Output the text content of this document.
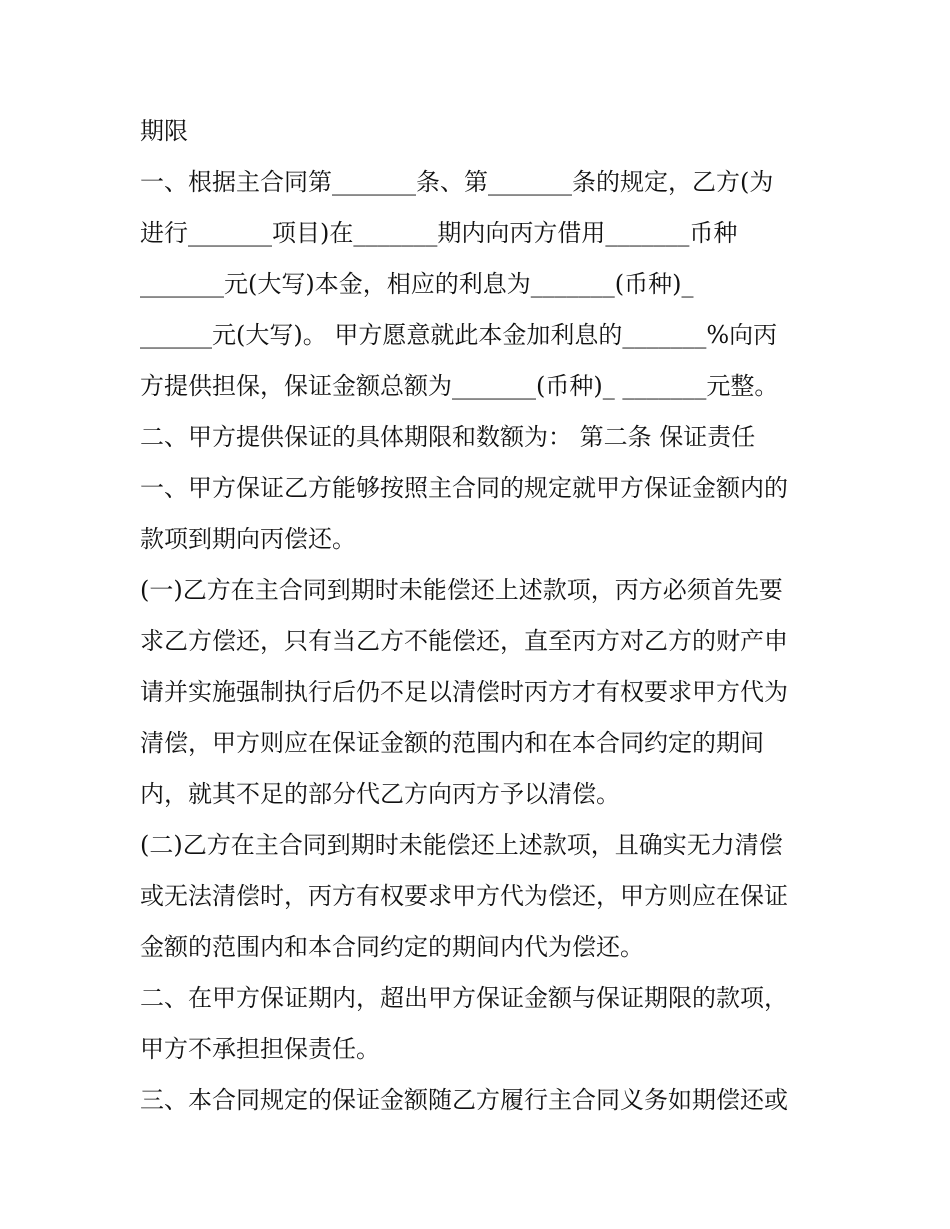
期限
一、根据主合同第_______条、第_______条的规定，乙方(为
进行_______项目)在_______期内向丙方借用_______币种
_______元(大写)本金，相应的利息为_______(币种)_
______元(大写)。 甲方愿意就此本金加利息的_______%向丙
方提供担保，保证金额总额为_______(币种)_ _______元整。
二、甲方提供保证的具体期限和数额为： 第二条 保证责任
一、甲方保证乙方能够按照主合同的规定就甲方保证金额内的
款项到期向丙偿还。
(一)乙方在主合同到期时未能偿还上述款项，丙方必须首先要
求乙方偿还，只有当乙方不能偿还，直至丙方对乙方的财产申
请并实施强制执行后仍不足以清偿时丙方才有权要求甲方代为
清偿，甲方则应在保证金额的范围内和在本合同约定的期间
内，就其不足的部分代乙方向丙方予以清偿。
(二)乙方在主合同到期时未能偿还上述款项，且确实无力清偿
或无法清偿时，丙方有权要求甲方代为偿还，甲方则应在保证
金额的范围内和本合同约定的期间内代为偿还。
二、在甲方保证期内，超出甲方保证金额与保证期限的款项，
甲方不承担担保责任。
三、本合同规定的保证金额随乙方履行主合同义务如期偿还或
